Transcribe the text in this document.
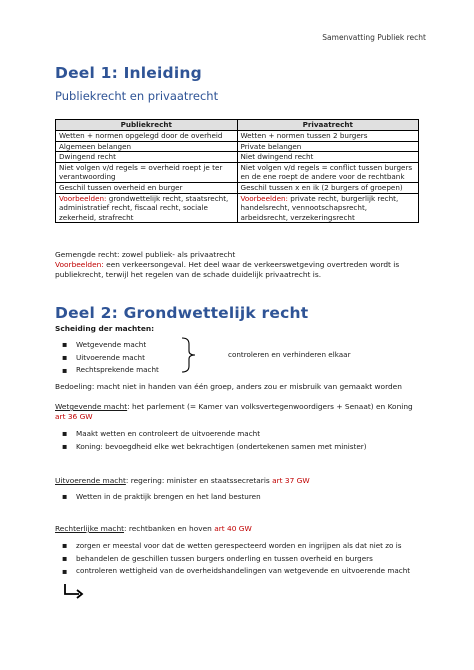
Samenvatting Publiek recht
Deel 1: Inleiding
Publiekrecht en privaatrecht
Publiekrecht	Privaatrecht
Wetten + normen opgelegd door de overheid	Wetten + normen tussen 2 burgers
Algemeen belangen	Private belangen
Dwingend recht	Niet dwingend recht
Niet volgen v/d regels = overheid roept je ter verantwoording	Niet volgen v/d regels = conflict tussen burgers en de ene roept de andere voor de rechtbank
Geschil tussen overheid en burger	Geschil tussen x en ik (2 burgers of groepen)
Voorbeelden: grondwettelijk recht, staatsrecht, administratief recht, fiscaal recht, sociale zekerheid, strafrecht	Voorbeelden: private recht, burgerlijk recht, handelsrecht, vennootschapsrecht, arbeidsrecht, verzekeringsrecht
Gemengde recht: zowel publiek- als privaatrecht
Voorbeelden: een verkeersongeval. Het deel waar de verkeerswetgeving overtreden wordt is
publiekrecht, terwijl het regelen van de schade duidelijk privaatrecht is.
Deel 2: Grondwettelijk recht
Scheiding der machten:
▪	Wetgevende macht
▪	Uitvoerende macht
▪	Rechtsprekende macht
controleren en verhinderen elkaar
Bedoeling: macht niet in handen van één groep, anders zou er misbruik van gemaakt worden
Wetgevende macht: het parlement (= Kamer van volksvertegenwoordigers + Senaat) en Koning
art 36 GW
▪	Maakt wetten en controleert de uitvoerende macht
▪	Koning: bevoegdheid elke wet bekrachtigen (ondertekenen samen met minister)
Uitvoerende macht: regering: minister en staatssecretaris art 37 GW
▪	Wetten in de praktijk brengen en het land besturen
Rechterlijke macht: rechtbanken en hoven art 40 GW
▪	zorgen er meestal voor dat de wetten gerespecteerd worden en ingrijpen als dat niet zo is
▪	behandelen de geschillen tussen burgers onderling en tussen overheid en burgers
▪	controleren wettigheid van de overheidshandelingen van wetgevende en uitvoerende macht
